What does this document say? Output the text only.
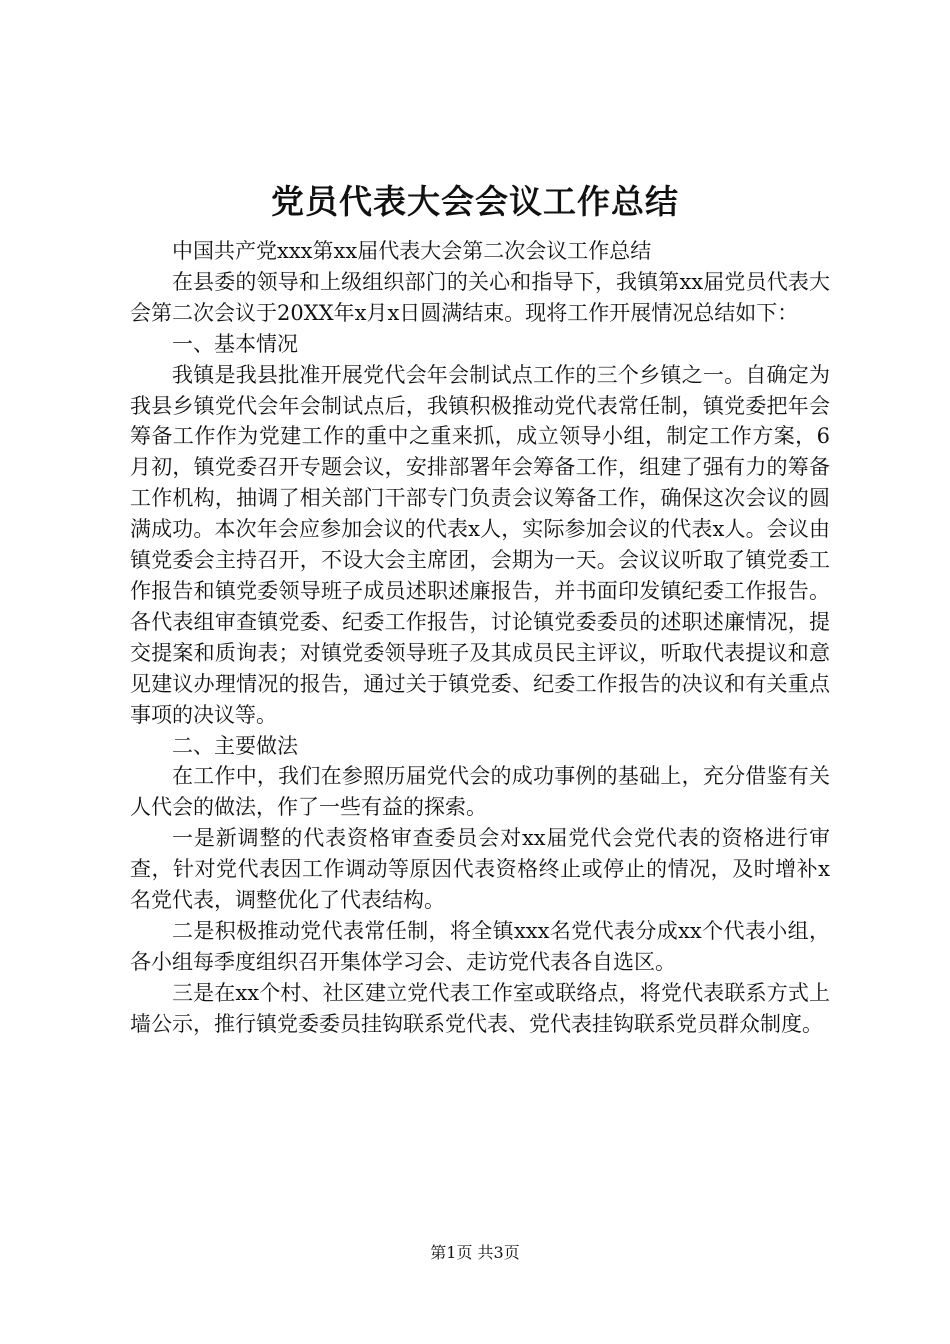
党员代表大会会议工作总结

中国共产党xxx第xx届代表大会第二次会议工作总结

在县委的领导和上级组织部门的关心和指导下，我镇第xx届党员代表大会第二次会议于20XX年x月x日圆满结束。现将工作开展情况总结如下：

一、基本情况

我镇是我县批准开展党代会年会制试点工作的三个乡镇之一。自确定为我县乡镇党代会年会制试点后，我镇积极推动党代表常任制，镇党委把年会筹备工作作为党建工作的重中之重来抓，成立领导小组，制定工作方案，6月初，镇党委召开专题会议，安排部署年会筹备工作，组建了强有力的筹备工作机构，抽调了相关部门干部专门负责会议筹备工作，确保这次会议的圆满成功。本次年会应参加会议的代表x人，实际参加会议的代表x人。会议由镇党委会主持召开，不设大会主席团，会期为一天。会议议听取了镇党委工作报告和镇党委领导班子成员述职述廉报告，并书面印发镇纪委工作报告。各代表组审查镇党委、纪委工作报告，讨论镇党委委员的述职述廉情况，提交提案和质询表；对镇党委领导班子及其成员民主评议，听取代表提议和意见建议办理情况的报告，通过关于镇党委、纪委工作报告的决议和有关重点事项的决议等。

二、主要做法

在工作中，我们在参照历届党代会的成功事例的基础上，充分借鉴有关人代会的做法，作了一些有益的探索。

一是新调整的代表资格审查委员会对xx届党代会党代表的资格进行审查，针对党代表因工作调动等原因代表资格终止或停止的情况，及时增补x名党代表，调整优化了代表结构。

二是积极推动党代表常任制，将全镇xxx名党代表分成xx个代表小组，各小组每季度组织召开集体学习会、走访党代表各自选区。

三是在xx个村、社区建立党代表工作室或联络点，将党代表联系方式上墙公示，推行镇党委委员挂钩联系党代表、党代表挂钩联系党员群众制度。

第1页 共3页
